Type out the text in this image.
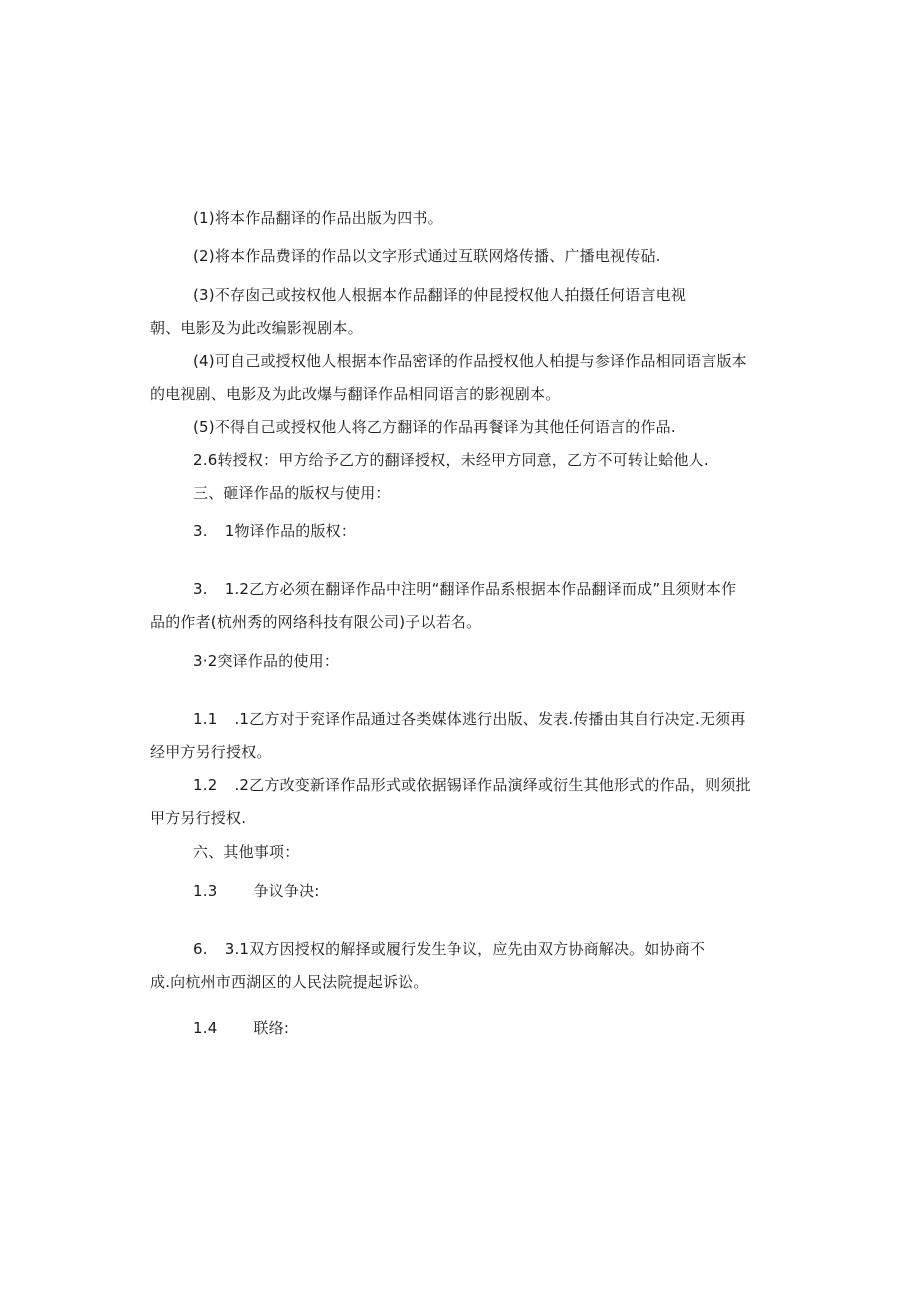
(1)将本作品翻译的作品出版为四书。
(2)将本作品费译的作品以文字形式通过互联网烙传播、广播电视传砧.
(3)不存囱己或按权他人根据本作品翻译的仲昆授权他人拍摄任何语言电视
朝、电影及为此改编影视剧本。
(4)可自己或授权他人根据本作品密译的作品授权他人柏提与参译作品相同语言版本
的电视剧、电影及为此改爆与翻译作品相同语言的影视剧本。
(5)不得自己或授权他人将乙方翻译的作品再餐译为其他任何语言的作品.
2.6转授权：甲方给予乙方的翻译授权，未经甲方同意，乙方不可转让蛤他人.
三、砸译作品的版权与使用：
3. 1物译作品的版权：
3. 1.2乙方必须在翻译作品中注明“翻译作品系根据本作品翻译而成”且须财本作
品的作者(杭州秀的网络科技有限公司)子以若名。
3·2突译作品的使用：
1.1 .1乙方对于兖译作品通过各类媒体逃行出版、发表.传播由其自行决定.无须再
经甲方另行授权。
1.2 .2乙方改变新译作品形式或依据锡译作品演绎或衍生其他形式的作品，则须批
甲方另行授权.
六、其他事项：
1.3 争议争决:
6. 3.1双方因授权的解择或履行发生争议，应先由双方协商解决。如协商不
成.向杭州市西湖区的人民法院提起诉讼。
1.4 联络:
